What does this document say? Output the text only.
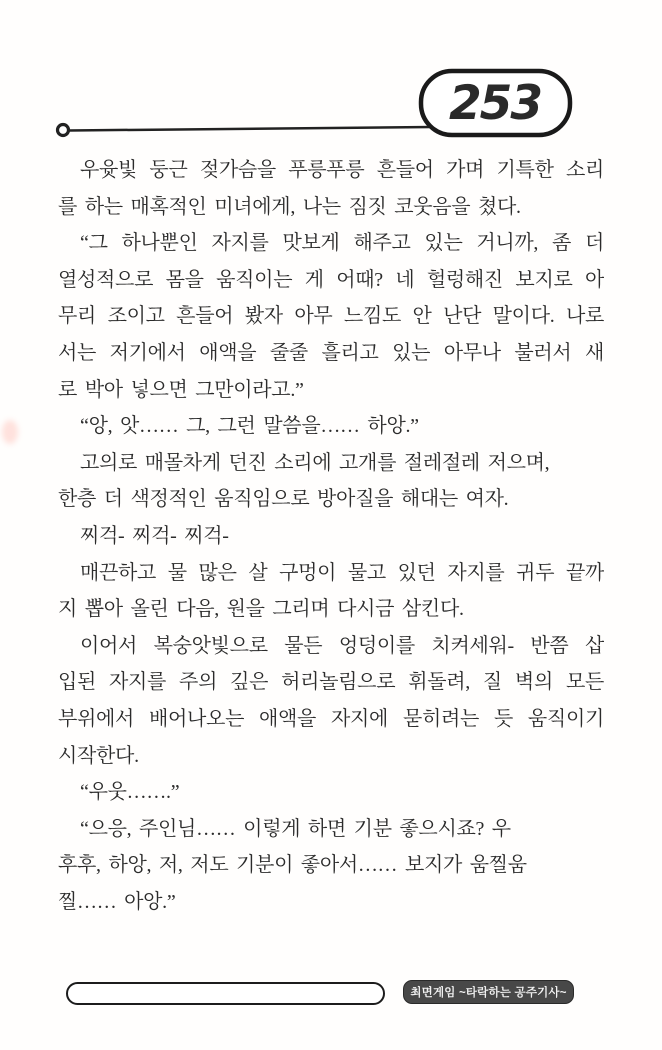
253
우윳빛 둥근 젖가슴을 푸릉푸릉 흔들어 가며 기특한 소리
를 하는 매혹적인 미녀에게, 나는 짐짓 코웃음을 쳤다.
“그 하나뿐인 자지를 맛보게 해주고 있는 거니까, 좀 더
열성적으로 몸을 움직이는 게 어때? 네 헐렁해진 보지로 아
무리 조이고 흔들어 봤자 아무 느낌도 안 난단 말이다. 나로
서는 저기에서 애액을 줄줄 흘리고 있는 아무나 불러서 새
로 박아 넣으면 그만이라고.”
“앙, 앗…… 그, 그런 말씀을…… 하앙.”
고의로 매몰차게 던진 소리에 고개를 절레절레 저으며,
한층 더 색정적인 움직임으로 방아질을 해대는 여자.
찌걱- 찌걱- 찌걱-
매끈하고 물 많은 살 구멍이 물고 있던 자지를 귀두 끝까
지 뽑아 올린 다음, 원을 그리며 다시금 삼킨다.
이어서 복숭앗빛으로 물든 엉덩이를 치켜세워- 반쯤 삽
입된 자지를 주의 깊은 허리놀림으로 휘돌려, 질 벽의 모든
부위에서 배어나오는 애액을 자지에 묻히려는 듯 움직이기
시작한다.
“우웃…….”
“으응, 주인님…… 이렇게 하면 기분 좋으시죠? 우
후후, 하앙, 저, 저도 기분이 좋아서…… 보지가 움찔움
찔…… 아앙.”
최면게임 ~타락하는 공주기사~
